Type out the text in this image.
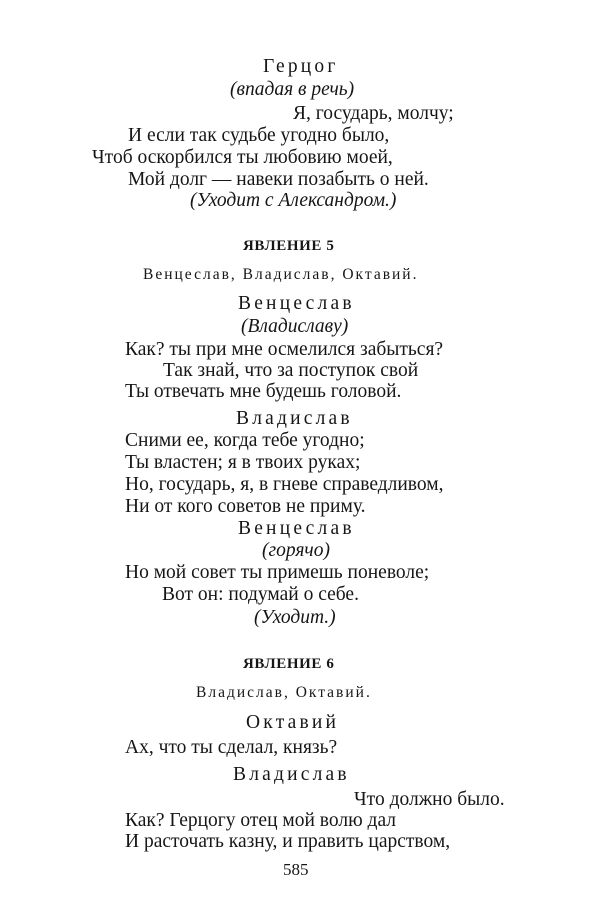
Герцог
(впадая в речь)
Я, государь, молчу;
И если так судьбе угодно было,
Чтоб оскорбился ты любовию моей,
Мой долг — навеки позабыть о ней.
(Уходит с Александром.)
ЯВЛЕНИЕ 5
Венцеслав, Владислав, Октавий.
Венцеслав
(Владиславу)
Как? ты при мне осмелился забыться?
Так знай, что за поступок свой
Ты отвечать мне будешь головой.
Владислав
Сними ее, когда тебе угодно;
Ты властен; я в твоих руках;
Но, государь, я, в гневе справедливом,
Ни от кого советов не приму.
Венцеслав
(горячо)
Но мой совет ты примешь поневоле;
Вот он: подумай о себе.
(Уходит.)
ЯВЛЕНИЕ 6
Владислав, Октавий.
Октавий
Ах, что ты сделал, князь?
Владислав
Что должно было.
Как? Герцогу отец мой волю дал
И расточать казну, и править царством,
585
